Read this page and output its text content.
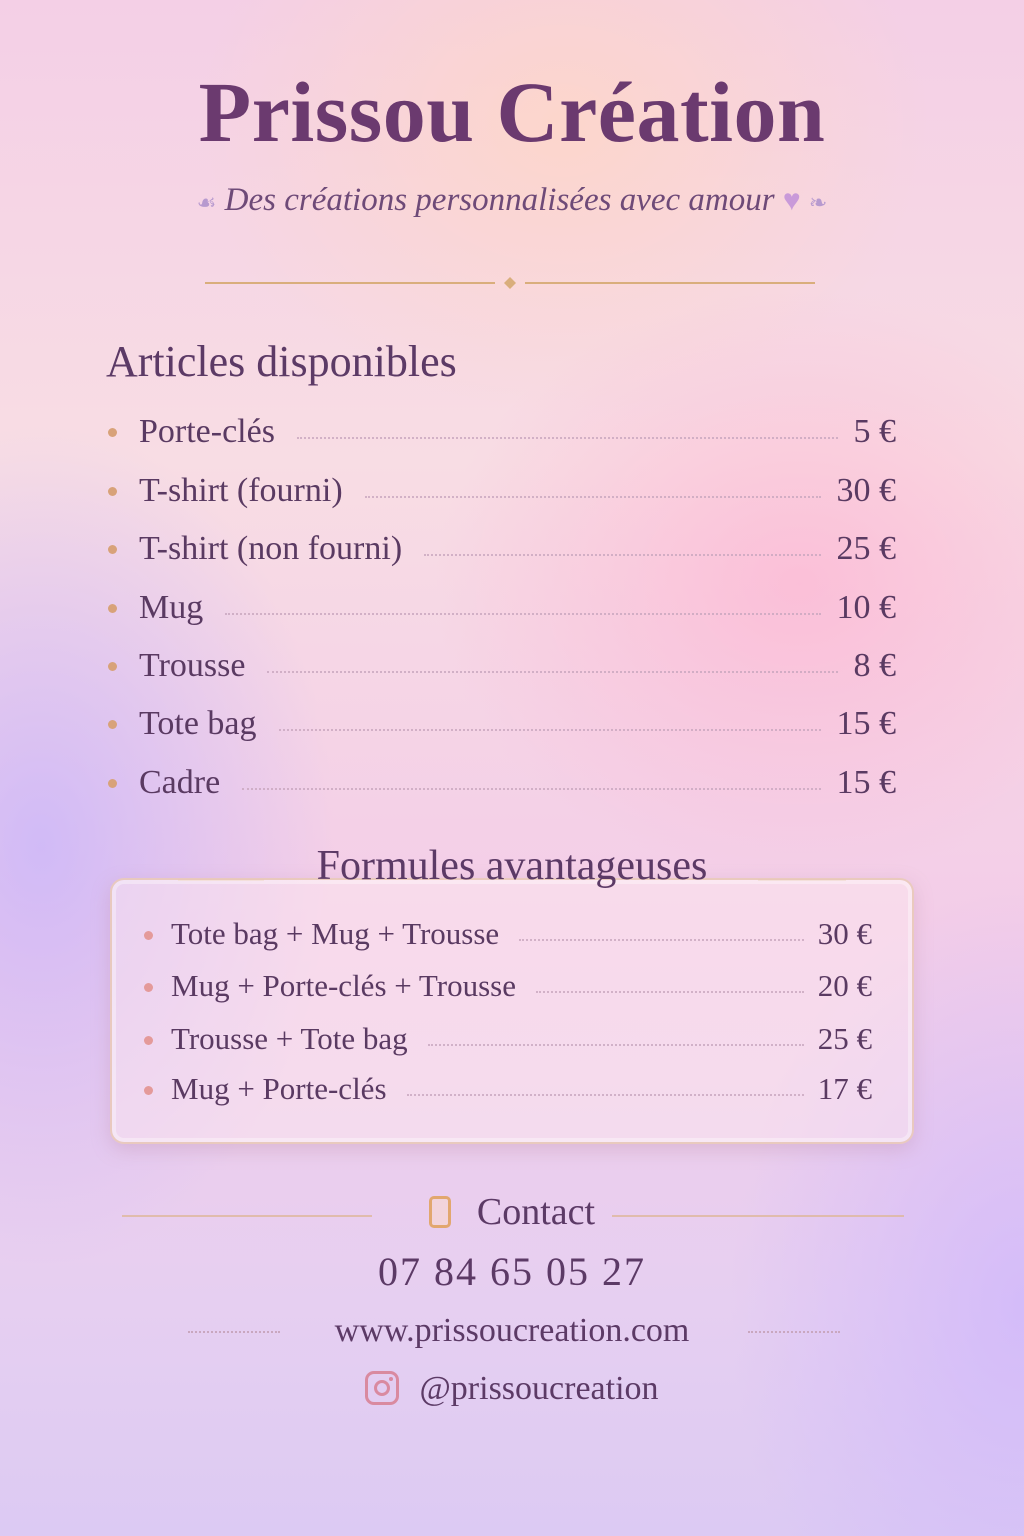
Prissou Création
☙ Des créations personnalisées avec amour ♥ ❧
Articles disponibles
Porte-clés	5 €
T-shirt (fourni)	30 €
T-shirt (non fourni)	25 €
Mug	10 €
Trousse	8 €
Tote bag	15 €
Cadre	15 €
Formules avantageuses
Tote bag + Mug + Trousse	30 €
Mug + Porte-clés + Trousse	20 €
Trousse + Tote bag	25 €
Mug + Porte-clés	17 €
Contact
07 84 65 05 27
www.prissoucreation.com
@prissoucreation
